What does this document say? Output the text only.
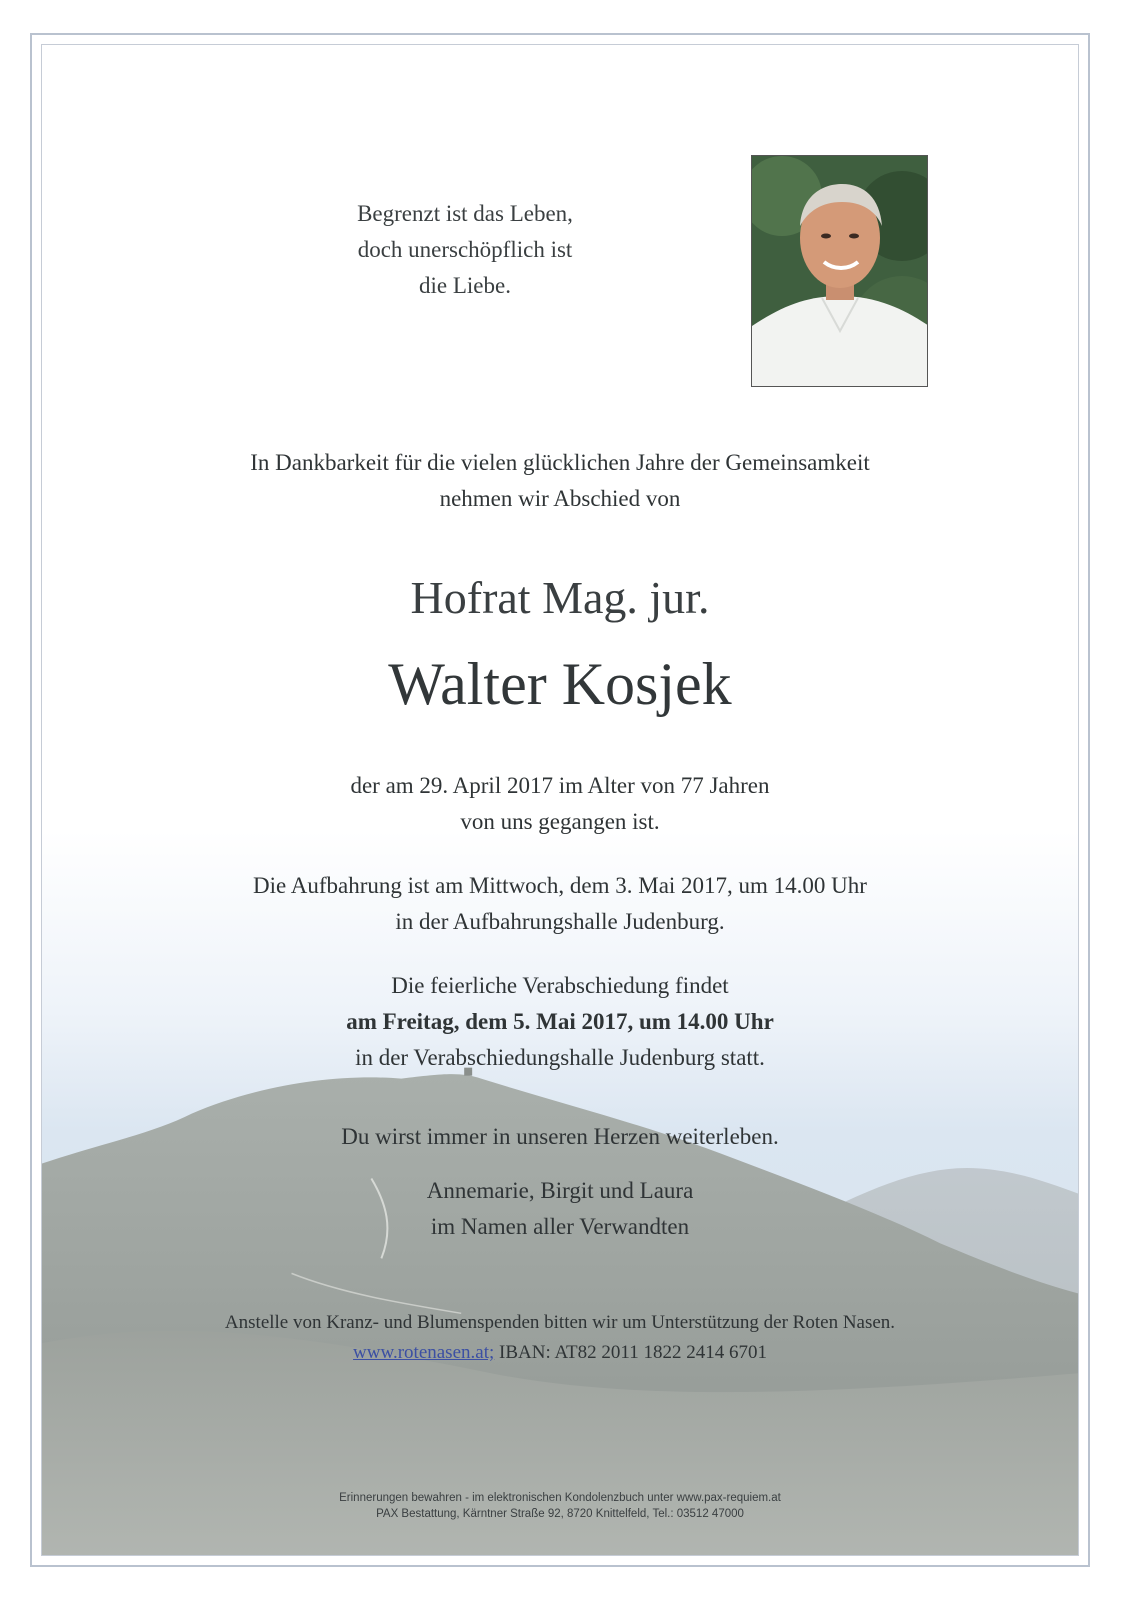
Begrenzt ist das Leben,
doch unerschöpflich ist
die Liebe.
In Dankbarkeit für die vielen glücklichen Jahre der Gemeinsamkeit
nehmen wir Abschied von
Hofrat Mag. jur.
Walter Kosjek
der am 29. April 2017 im Alter von 77 Jahren
von uns gegangen ist.
Die Aufbahrung ist am Mittwoch, dem 3. Mai 2017, um 14.00 Uhr
in der Aufbahrungshalle Judenburg.
Die feierliche Verabschiedung findet
am Freitag, dem 5. Mai 2017, um 14.00 Uhr
in der Verabschiedungshalle Judenburg statt.
Du wirst immer in unseren Herzen weiterleben.
Annemarie, Birgit und Laura
im Namen aller Verwandten
Anstelle von Kranz- und Blumenspenden bitten wir um Unterstützung der Roten Nasen.
www.rotenasen.at; IBAN: AT82 2011 1822 2414 6701
Erinnerungen bewahren - im elektronischen Kondolenzbuch unter www.pax-requiem.at
PAX Bestattung, Kärntner Straße 92, 8720 Knittelfeld, Tel.: 03512 47000
